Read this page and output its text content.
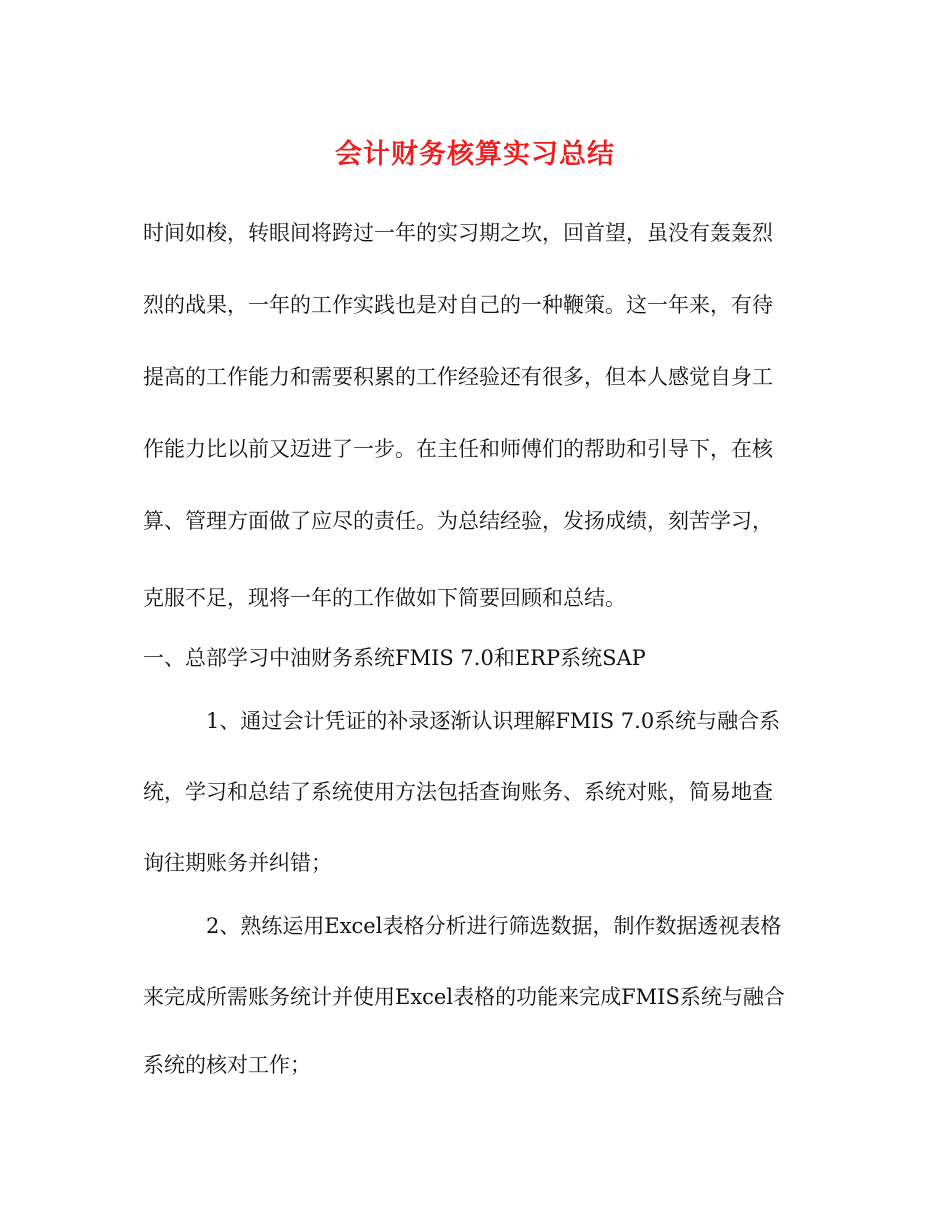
会计财务核算实习总结

时间如梭，转眼间将跨过一年的实习期之坎，回首望，虽没有轰轰烈

烈的战果，一年的工作实践也是对自己的一种鞭策。这一年来，有待

提高的工作能力和需要积累的工作经验还有很多，但本人感觉自身工

作能力比以前又迈进了一步。在主任和师傅们的帮助和引导下，在核

算、管理方面做了应尽的责任。为总结经验，发扬成绩，刻苦学习，

克服不足，现将一年的工作做如下简要回顾和总结。

一、总部学习中油财务系统FMIS 7.0和ERP系统SAP

1、通过会计凭证的补录逐渐认识理解FMIS 7.0系统与融合系

统，学习和总结了系统使用方法包括查询账务、系统对账，简易地查

询往期账务并纠错；

2、熟练运用Excel表格分析进行筛选数据，制作数据透视表格

来完成所需账务统计并使用Excel表格的功能来完成FMIS系统与融合

系统的核对工作；
